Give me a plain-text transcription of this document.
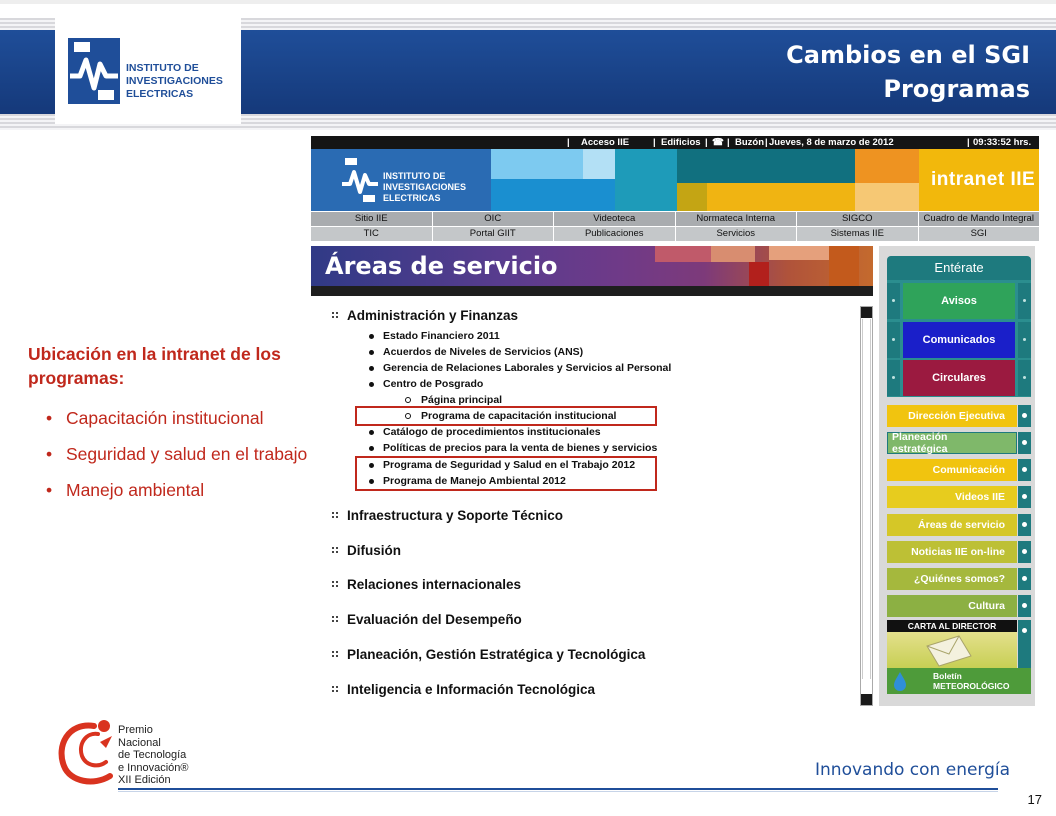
INSTITUTO DE
INVESTIGACIONES
ELECTRICAS
Cambios en el SGI
Programas
Ubicación en la intranet de los programas:
• Capacitación institucional
• Seguridad y salud en el trabajo
• Manejo ambiental

|

Acceso IIE

	|

Edificios

|

☎

|

Buzón

|

Jueves, 8 de marzo de 2012

	|

09:33:52 hrs.

INSTITUTO DE
INVESTIGACIONES
ELECTRICAS
intranet IIE
Sitio IIE	OIC	Videoteca	Normateca Interna	SIGCO	Cuadro de Mando Integral
TIC	Portal GIIT	Publicaciones	Servicios	Sistemas IIE	SGI
Áreas de servicio
Administración y Finanzas
Estado Financiero 2011
Acuerdos de Niveles de Servicios (ANS)
Gerencia de Relaciones Laborales y Servicios al Personal
Centro de Posgrado
Página principal
Programa de capacitación institucional
Catálogo de procedimientos institucionales
Políticas de precios para la venta de bienes y servicios
Programa de Seguridad y Salud en el Trabajo 2012
Programa de Manejo Ambiental 2012
Infraestructura y Soporte Técnico
Difusión
Relaciones internacionales
Evaluación del Desempeño
Planeación, Gestión Estratégica y Tecnológica
Inteligencia e Información Tecnológica
Entérate
Avisos
Comunicados
Circulares
Dirección Ejecutiva
Planeación estratégica
Comunicación
Videos IIE
Áreas de servicio
Noticias IIE on-line
¿Quiénes somos?
Cultura
CARTA AL DIRECTOR
Boletín
METEOROLÓGICO
Premio
Nacional
de Tecnología
e Innovación®
XII Edición	Innovando con energía
17
